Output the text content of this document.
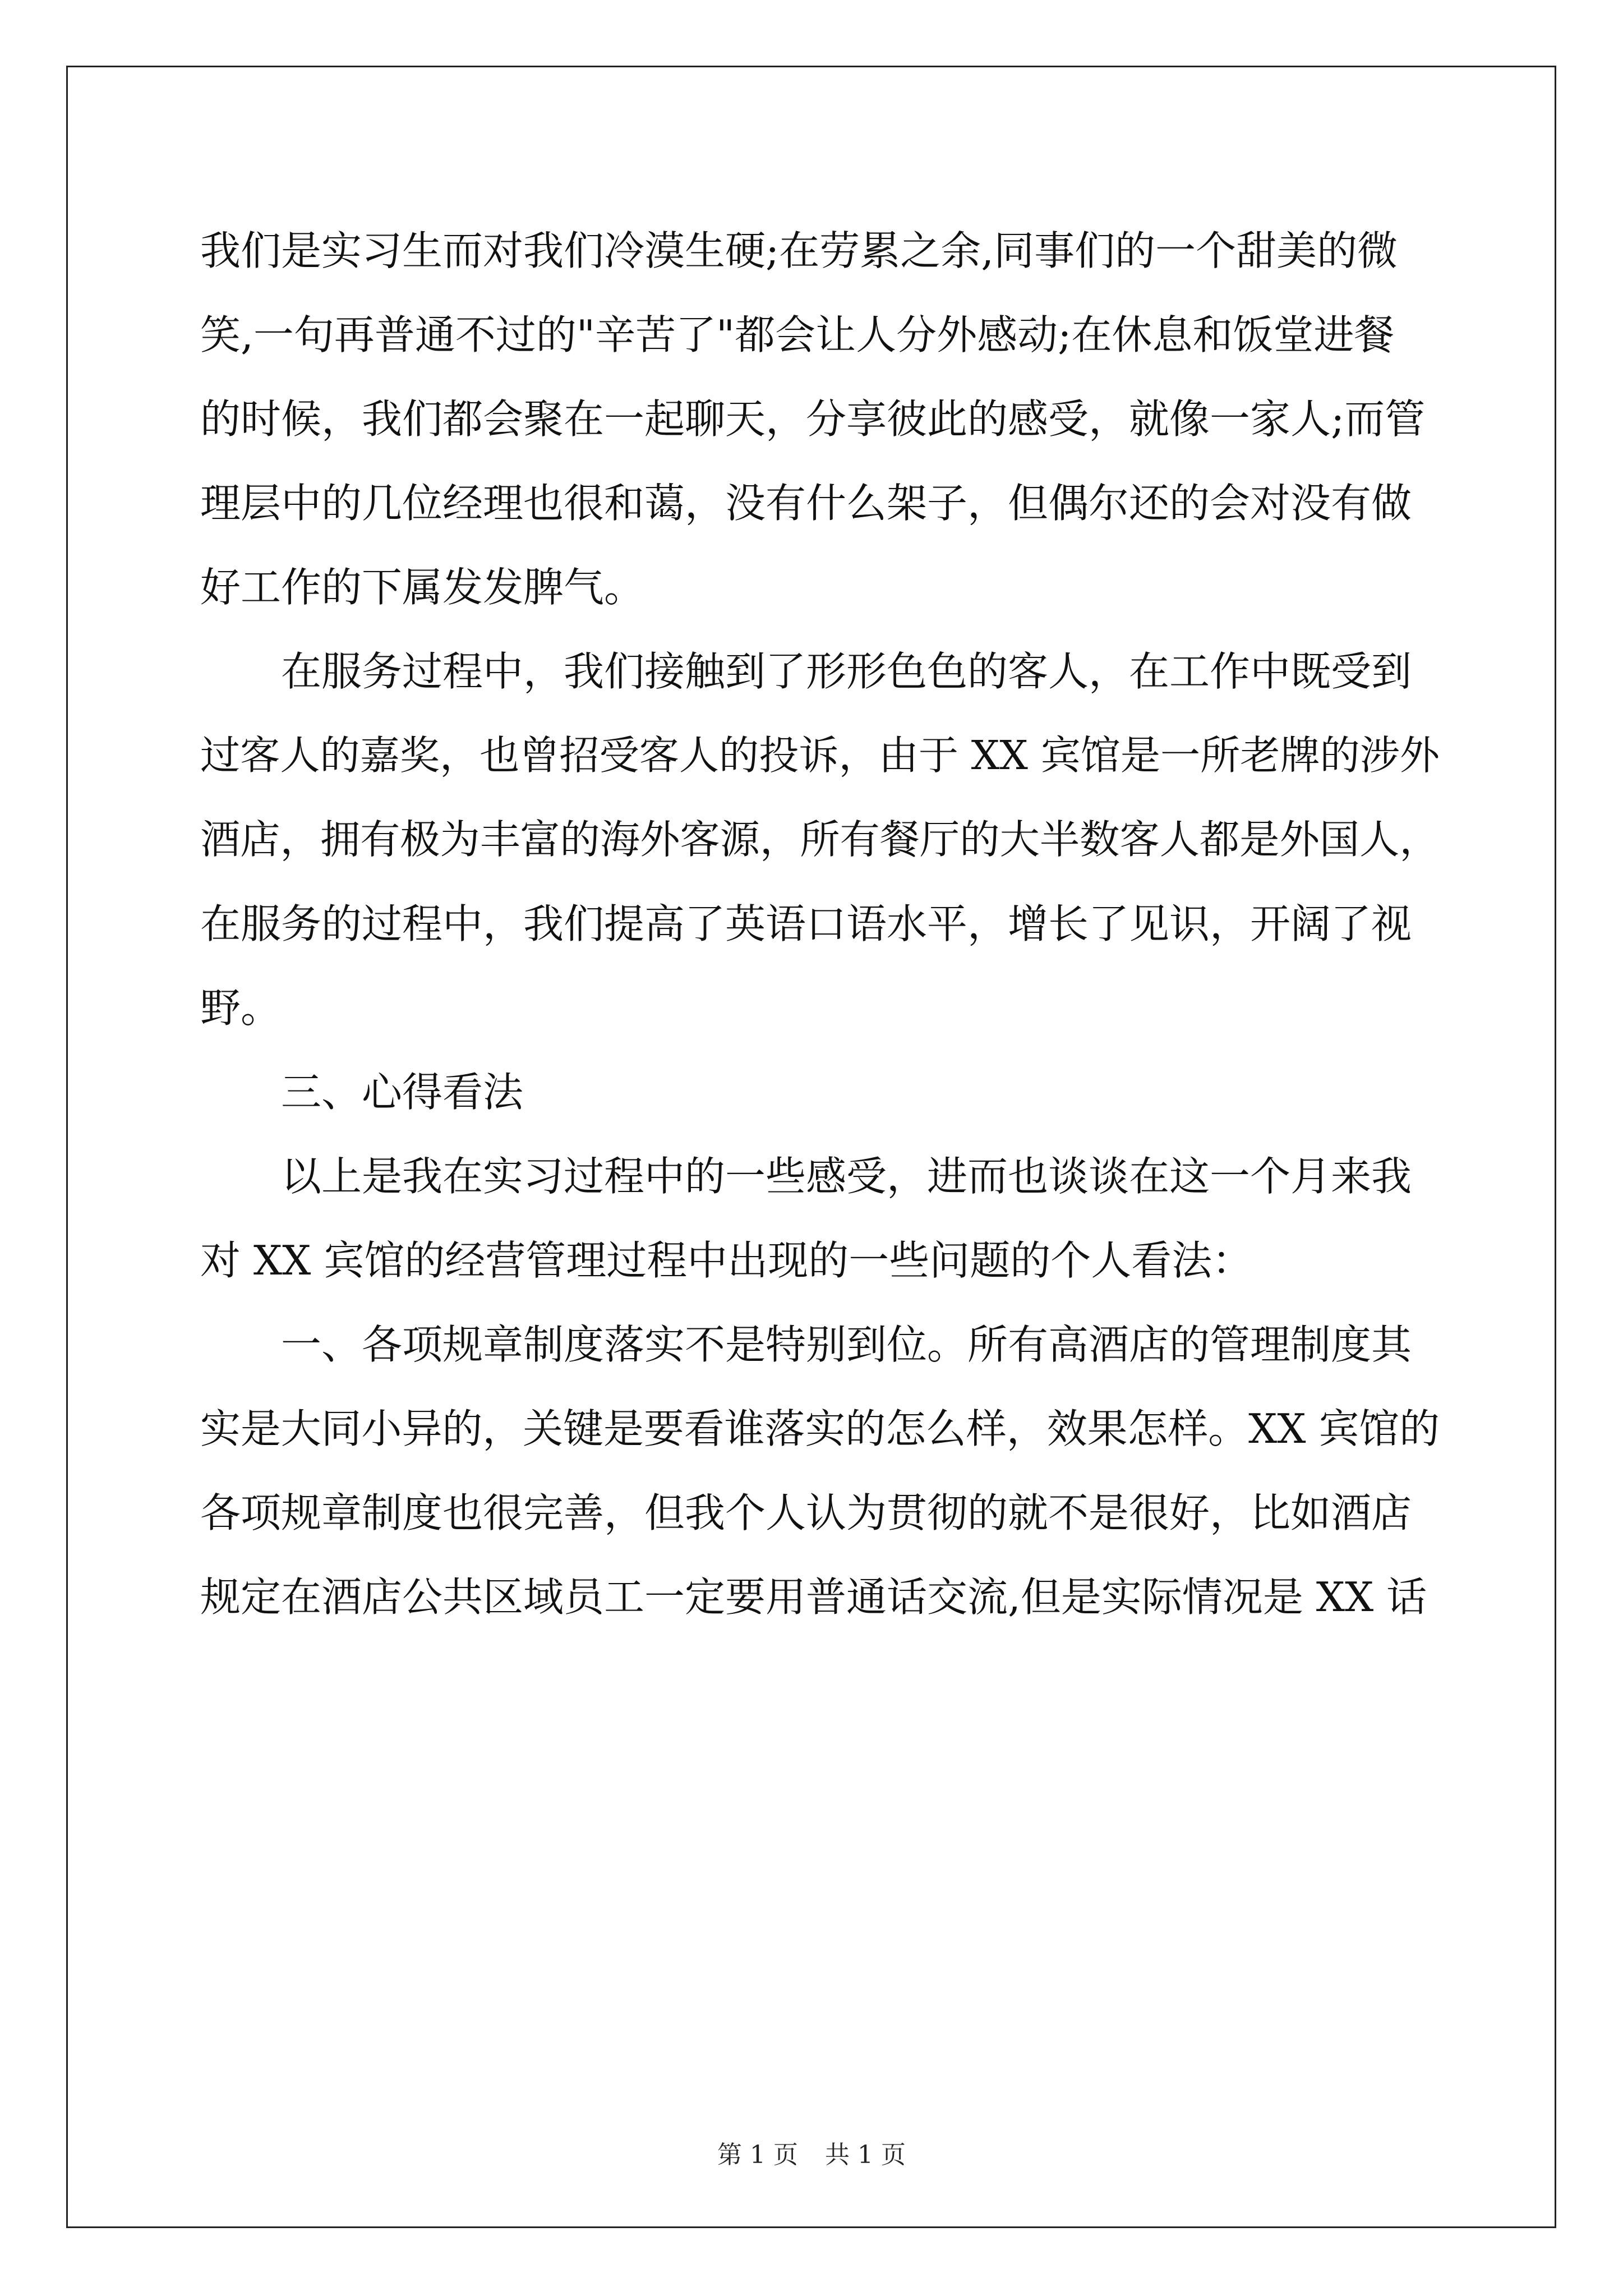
我们是实习生而对我们冷漠生硬;在劳累之余,同事们的一个甜美的微
笑,一句再普通不过的"辛苦了"都会让人分外感动;在休息和饭堂进餐
的时候，我们都会聚在一起聊天，分享彼此的感受，就像一家人;而管
理层中的几位经理也很和蔼，没有什么架子，但偶尔还的会对没有做
好工作的下属发发脾气。
在服务过程中，我们接触到了形形色色的客人，在工作中既受到
过客人的嘉奖，也曾招受客人的投诉，由于 XX 宾馆是一所老牌的涉外
酒店，拥有极为丰富的海外客源，所有餐厅的大半数客人都是外国人，
在服务的过程中，我们提高了英语口语水平，增长了见识，开阔了视
野。
三、心得看法
以上是我在实习过程中的一些感受，进而也谈谈在这一个月来我
对 XX 宾馆的经营管理过程中出现的一些问题的个人看法：
一、各项规章制度落实不是特别到位。所有高酒店的管理制度其
实是大同小异的，关键是要看谁落实的怎么样，效果怎样。XX 宾馆的
各项规章制度也很完善，但我个人认为贯彻的就不是很好，比如酒店
规定在酒店公共区域员工一定要用普通话交流,但是实际情况是 XX 话
第 1 页 共 1 页
